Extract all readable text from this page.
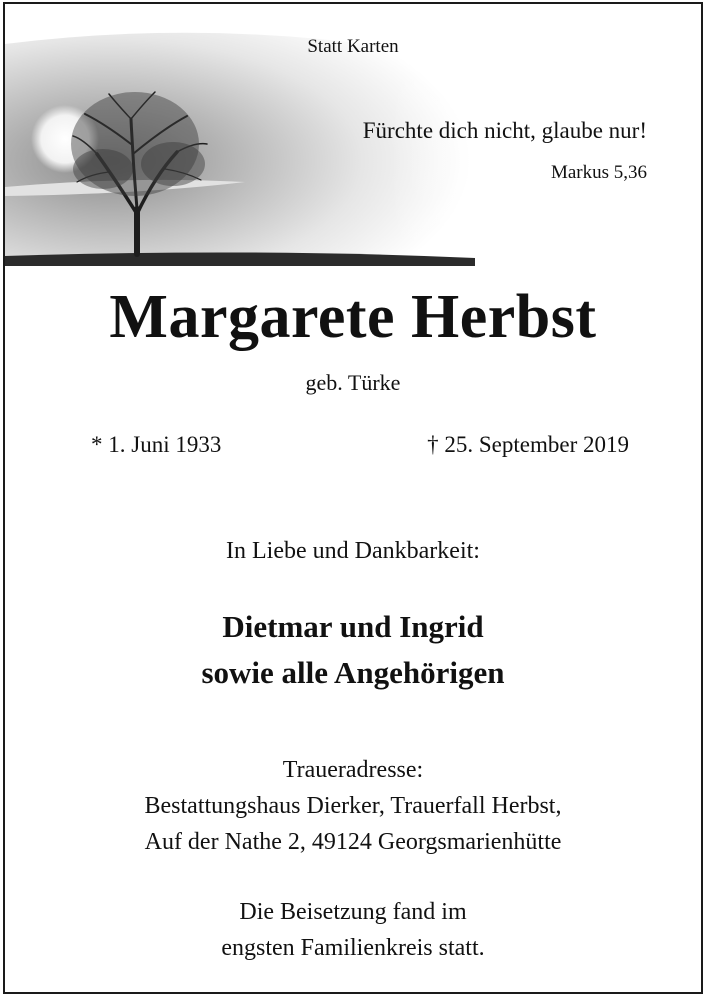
Statt Karten
Fürchte dich nicht, glaube nur!
Markus 5,36
Margarete Herbst
geb. Türke
* 1. Juni 1933	† 25. September 2019
In Liebe und Dankbarkeit:
Dietmar und Ingrid
sowie alle Angehörigen
Traueradresse:
Bestattungshaus Dierker, Trauerfall Herbst,
Auf der Nathe 2, 49124 Georgsmarienhütte
Die Beisetzung fand im
engsten Familienkreis statt.
